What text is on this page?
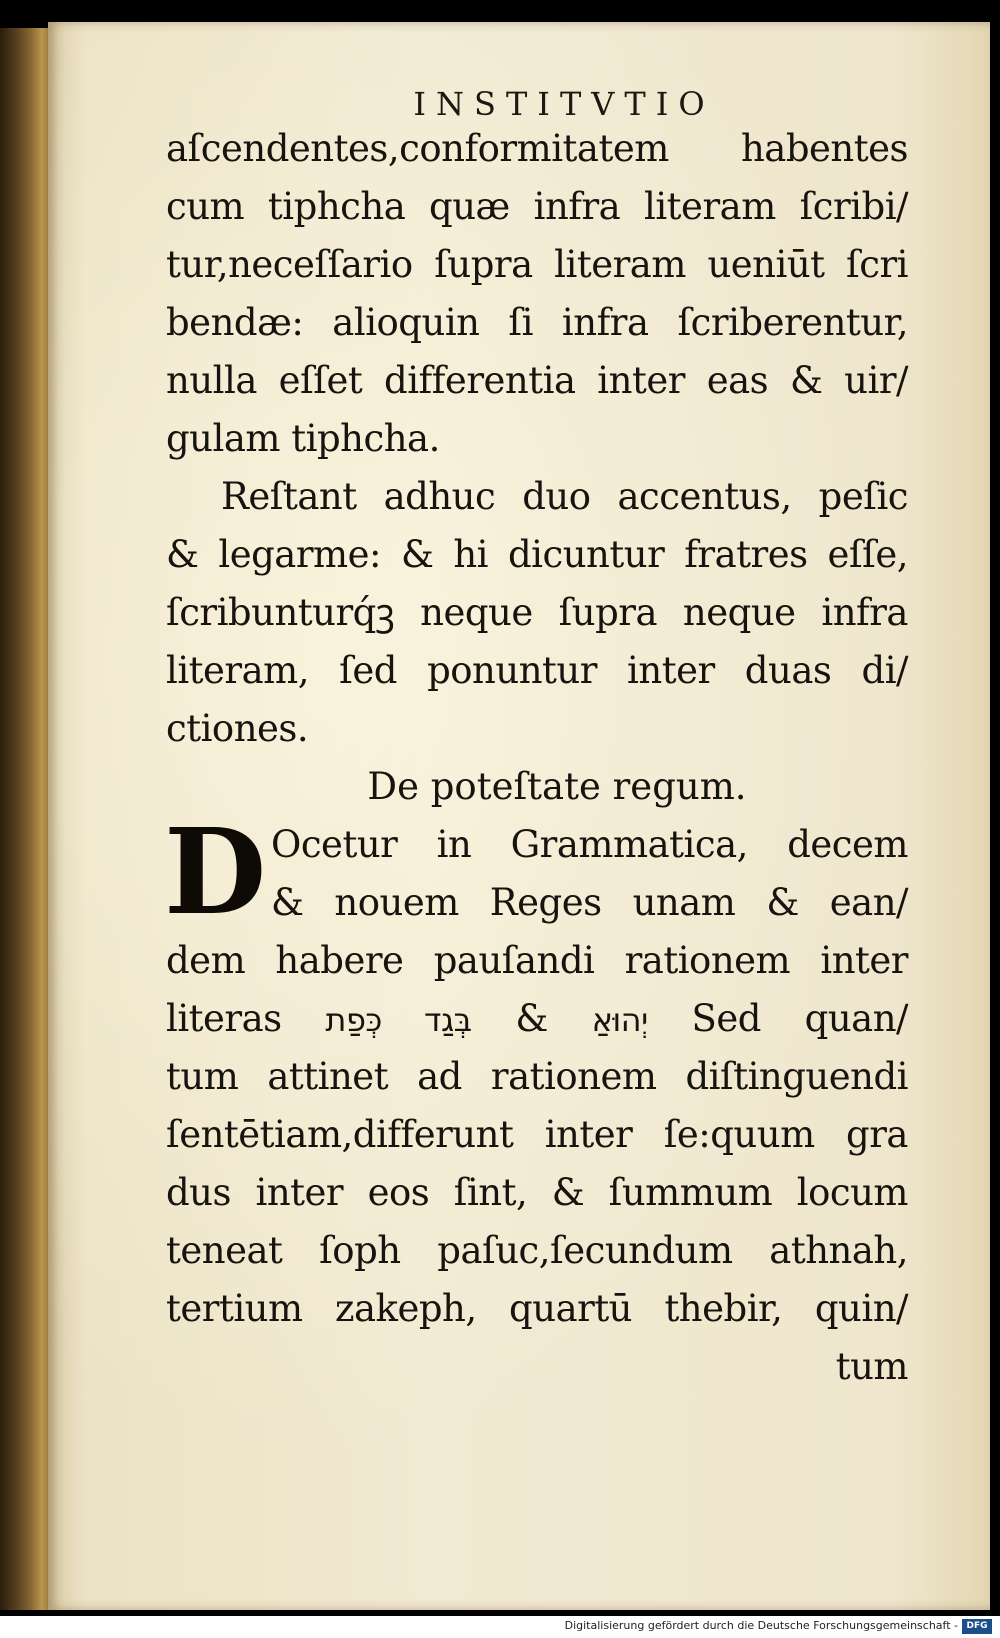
INSTITVTIO
aſcendentes,conformitatem habentes
cum tiphcha quæ infra literam ſcribi/
tur,neceſſario ſupra literam ueniūt ſcri
bendæ: alioquin ſi infra ſcriberentur,
nulla eſſet differentia inter eas & uir/
gulam tiphcha.
Reſtant adhuc duo accentus, peſic
& legarme: & hi dicuntur fratres eſſe,
ſcribunturq́ꝫ neque ſupra neque infra
literam, ſed ponuntur inter duas di/
ctiones.
De poteſtate regum.
D Ocetur in Grammatica, decem
& nouem Reges unam & ean/
dem habere pauſandi rationem inter
literas	יְהוּאַ & בְּגַד כְּפַת	Sed quan/
tum attinet ad rationem diſtinguendi
ſentētiam,differunt inter ſe:quum gra
dus inter eos ſint, & ſummum locum
teneat ſoph paſuc,ſecundum athnah,
tertium zakeph, quartū thebir, quin/
tum
Digitalisierung gefördert durch die Deutsche Forschungsgemeinschaft - DFG
